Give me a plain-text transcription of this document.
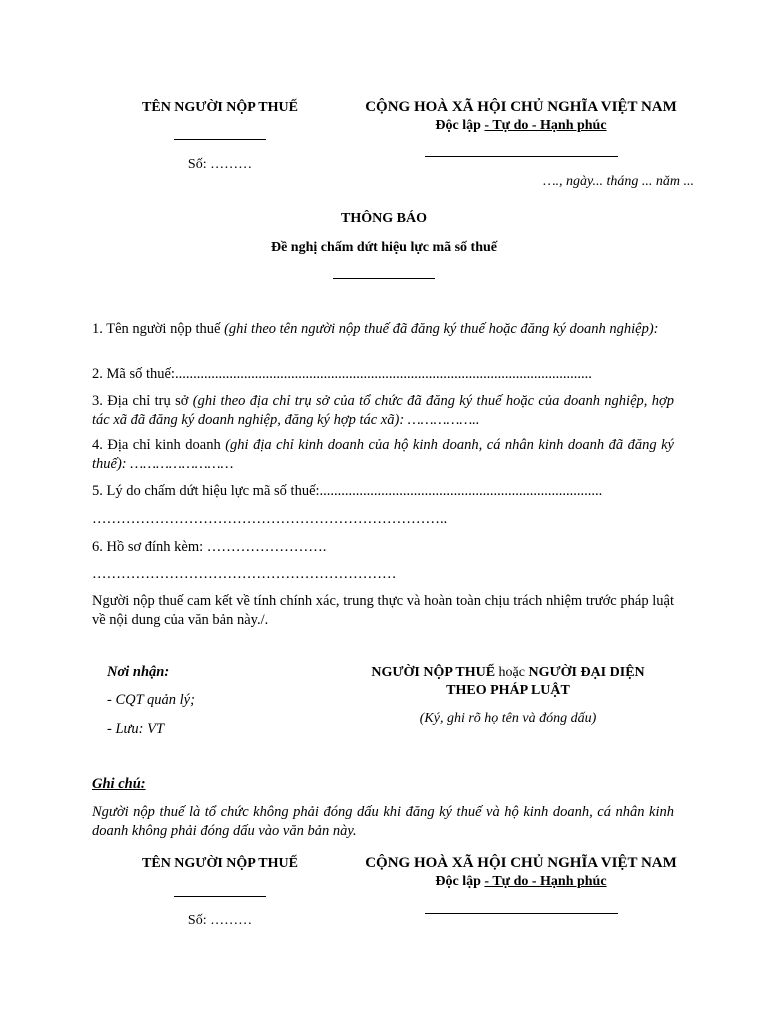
TÊN NGƯỜI NỘP THUẾ
Số: ………
CỘNG HOÀ XÃ HỘI CHỦ NGHĨA VIỆT NAM
Độc lập - Tự do - Hạnh phúc
…., ngày... tháng ... năm ...
THÔNG BÁO
Đề nghị chấm dứt hiệu lực mã số thuế
1. Tên người nộp thuế (ghi theo tên người nộp thuế đã đăng ký thuế hoặc đăng ký doanh nghiệp):
2. Mã số thuế:...................................................................................................................
3. Địa chỉ trụ sở (ghi theo địa chỉ trụ sở của tổ chức đã đăng ký thuế hoặc của doanh nghiệp, hợp tác xã đã đăng ký doanh nghiệp, đăng ký hợp tác xã): ……………..
4. Địa chỉ kinh doanh (ghi địa chỉ kinh doanh của hộ kinh doanh, cá nhân kinh doanh đã đăng ký thuế): ……………………
5. Lý do chấm dứt hiệu lực mã số thuế:..............................................................................
………………………………………………………………..
6. Hồ sơ đính kèm: …………………….
………………………………………………………
Người nộp thuế cam kết về tính chính xác, trung thực và hoàn toàn chịu trách nhiệm trước pháp luật về nội dung của văn bản này./.
Nơi nhận:
- CQT quản lý;
- Lưu: VT
NGƯỜI NỘP THUẾ hoặc NGƯỜI ĐẠI DIỆN
THEO PHÁP LUẬT
(Ký, ghi rõ họ tên và đóng dấu)
Ghi chú:
Người nộp thuế là tổ chức không phải đóng dấu khi đăng ký thuế và hộ kinh doanh, cá nhân kinh doanh không phải đóng dấu vào văn bản này.
TÊN NGƯỜI NỘP THUẾ
Số: ………
CỘNG HOÀ XÃ HỘI CHỦ NGHĨA VIỆT NAM
Độc lập - Tự do - Hạnh phúc
